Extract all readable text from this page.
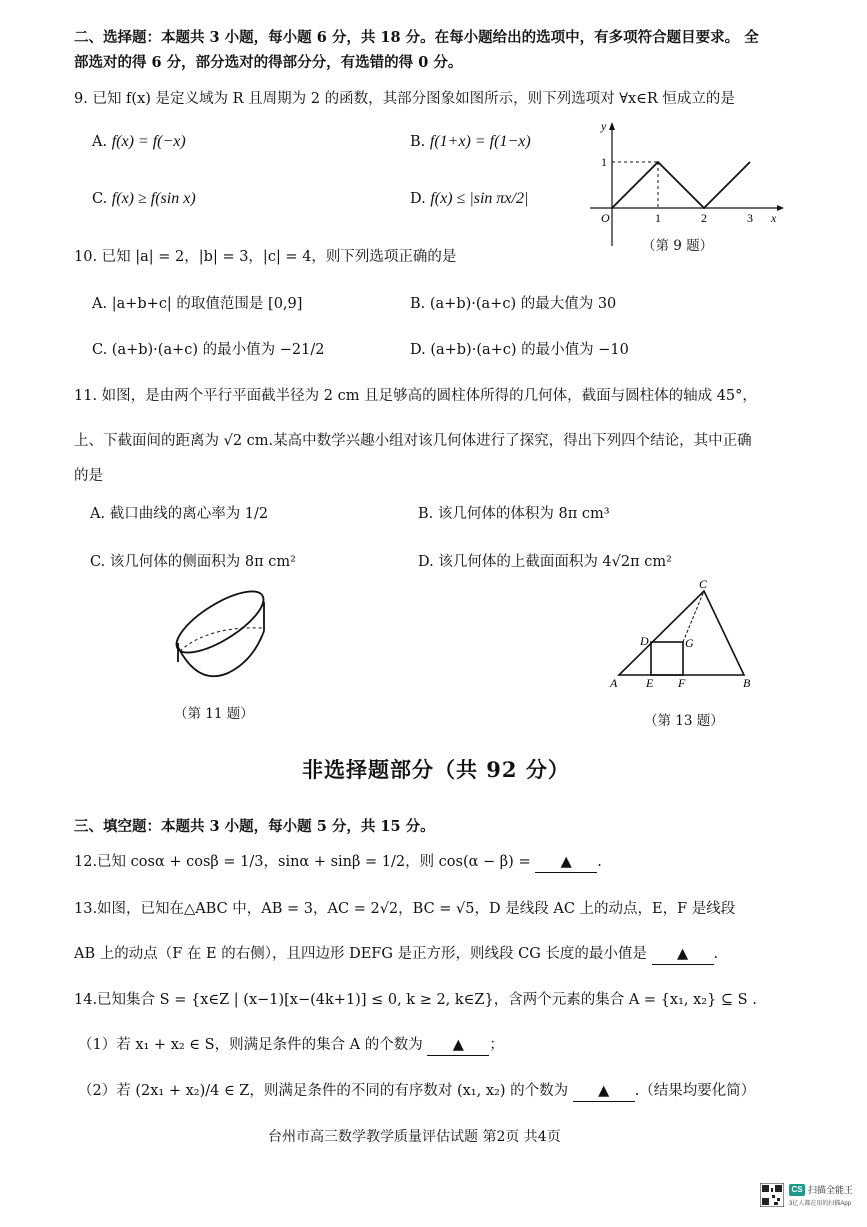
二、选择题：本题共 3 小题，每小题 6 分，共 18 分。在每小题给出的选项中，有多项符合题目要求。 全
部选对的得 6 分，部分选对的得部分分，有选错的得 0 分。
9. 已知 f(x) 是定义域为 R 且周期为 2 的函数，其部分图象如图所示，则下列选项对 ∀x∈R 恒成立的是
A. f(x) = f(−x)	B. f(1+x) = f(1−x)
C. f(x) ≥ f(sin x)	D. f(x) ≤ |sin πx/2|
y
x
O
1
1	2	3
（第 9 题）
10. 已知 |a| = 2，|b| = 3，|c| = 4，则下列选项正确的是
A. |a+b+c| 的取值范围是 [0,9]	B. (a+b)·(a+c) 的最大值为 30
C. (a+b)·(a+c) 的最小值为 −21/2	D. (a+b)·(a+c) 的最小值为 −10
11. 如图，是由两个平行平面截半径为 2 cm 且足够高的圆柱体所得的几何体，截面与圆柱体的轴成 45°，
上、下截面间的距离为 √2 cm.某高中数学兴趣小组对该几何体进行了探究，得出下列四个结论，其中正确
的是
A. 截口曲线的离心率为 1/2	B. 该几何体的体积为 8π cm³
C. 该几何体的侧面积为 8π cm²	D. 该几何体的上截面面积为 4√2π cm²
（第 11 题）
A E F	B
C
D	G
（第 13 题）
非选择题部分（共 92 分）
三、填空题：本题共 3 小题，每小题 5 分，共 15 分。
12.已知 cosα + cosβ = 1/3，sinα + sinβ = 1/2，则 cos(α − β) = ▲ .
13.如图，已知在△ABC 中，AB = 3，AC = 2√2，BC = √5，D 是线段 AC 上的动点，E，F 是线段
AB 上的动点（F 在 E 的右侧），且四边形 DEFG 是正方形，则线段 CG 长度的最小值是 ▲ .
14.已知集合 S = {x∈Z | (x−1)[x−(4k+1)] ≤ 0, k ≥ 2, k∈Z}，含两个元素的集合 A = {x₁, x₂} ⊆ S .
（1）若 x₁ + x₂ ∈ S，则满足条件的集合 A 的个数为 ▲ ；
（2）若 (2x₁ + x₂)/4 ∈ Z，则满足条件的不同的有序数对 (x₁, x₂) 的个数为 ▲ .（结果均要化简）
台州市高三数学教学质量评估试题 第2页 共4页
CS 扫描全能王
3亿人都在用的扫描App
